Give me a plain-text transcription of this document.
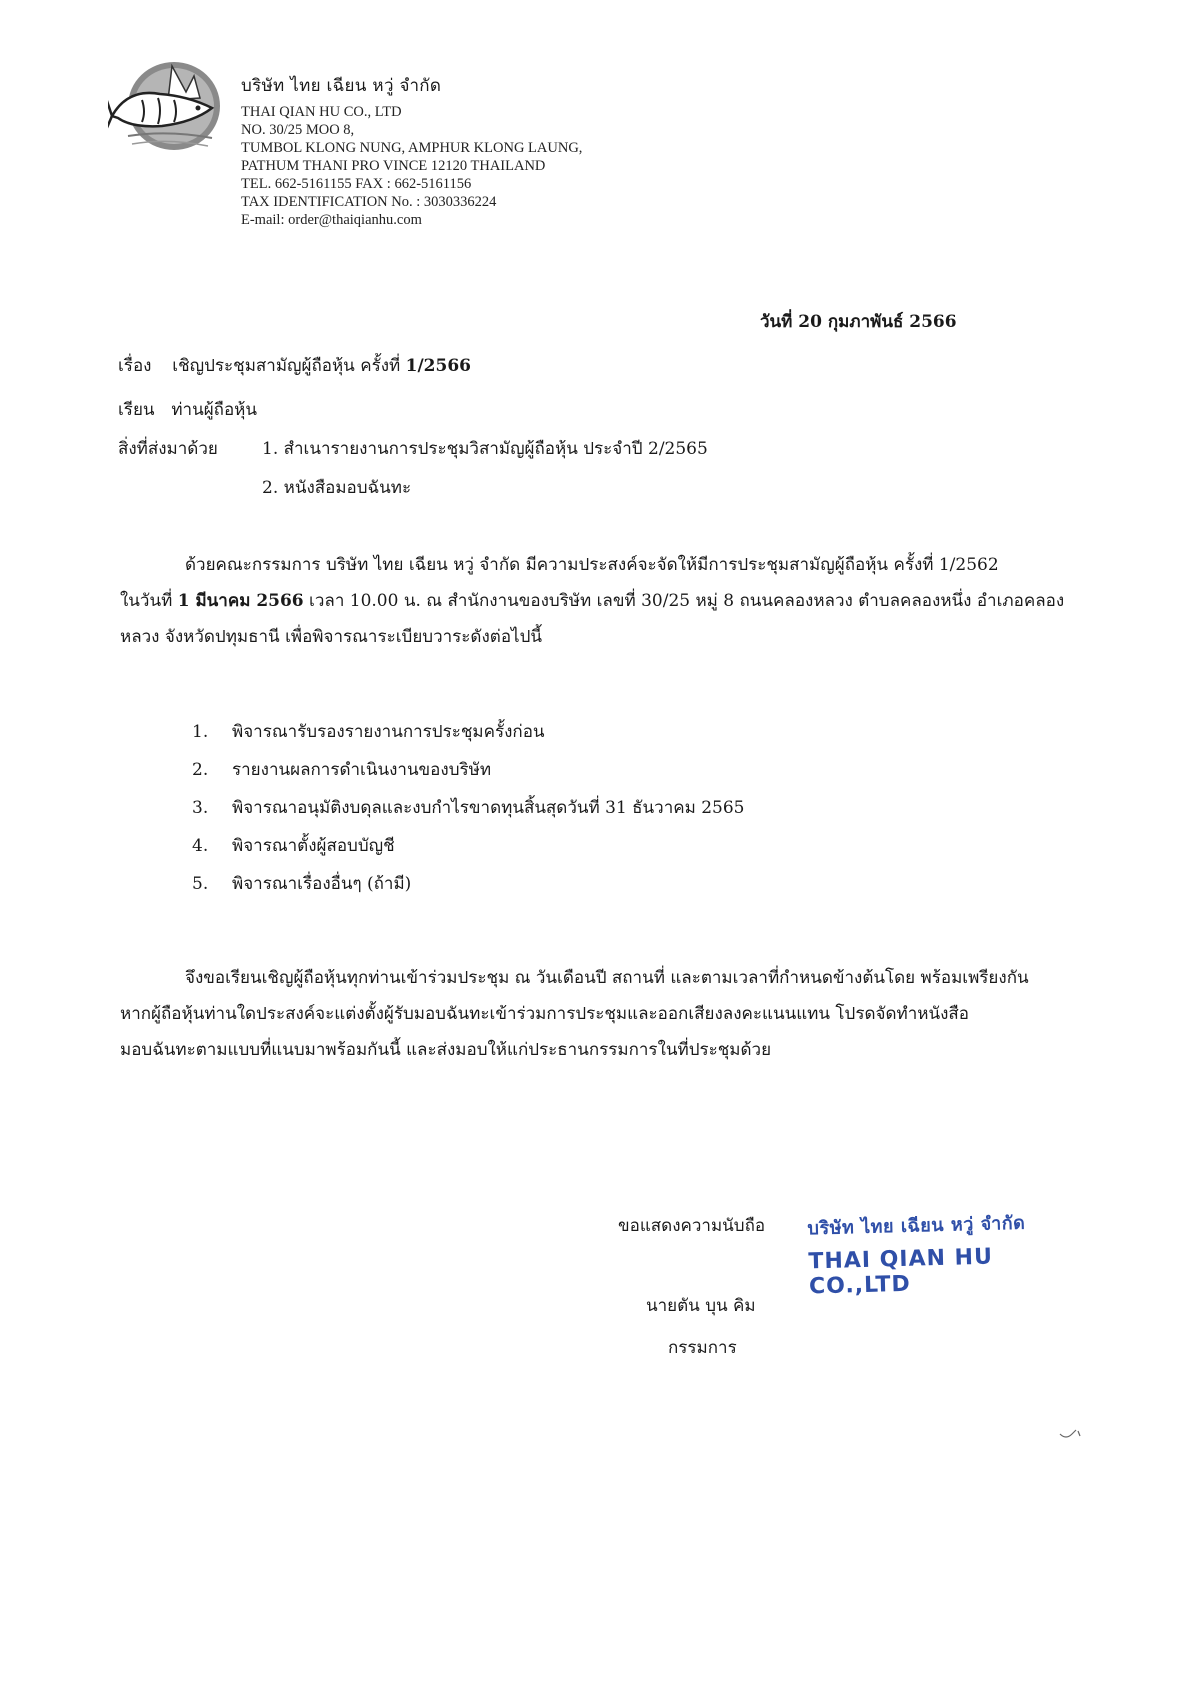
บริษัท ไทย เฉียน หวู่ จำกัด
THAI QIAN HU CO., LTD
NO. 30/25 MOO 8,
TUMBOL KLONG NUNG, AMPHUR KLONG LAUNG,
PATHUM THANI PRO VINCE 12120 THAILAND
TEL. 662-5161155 FAX : 662-5161156
TAX IDENTIFICATION No. : 3030336224
E-mail: order@thaiqianhu.com
วันที่ 20 กุมภาพันธ์ 2566
เรื่อง เชิญประชุมสามัญผู้ถือหุ้น ครั้งที่ 1/2566
เรียน ท่านผู้ถือหุ้น
สิ่งที่ส่งมาด้วย	1. สำเนารายงานการประชุมวิสามัญผู้ถือหุ้น ประจำปี 2/2565
2. หนังสือมอบฉันทะ
ด้วยคณะกรรมการ บริษัท ไทย เฉียน หวู่ จำกัด มีความประสงค์จะจัดให้มีการประชุมสามัญผู้ถือหุ้น ครั้งที่ 1/2562
ในวันที่ 1 มีนาคม 2566 เวลา 10.00 น. ณ สำนักงานของบริษัท เลขที่ 30/25 หมู่ 8 ถนนคลองหลวง ตำบลคลองหนึ่ง อำเภอคลอง
หลวง จังหวัดปทุมธานี เพื่อพิจารณาระเบียบวาระดังต่อไปนี้
1. พิจารณารับรองรายงานการประชุมครั้งก่อน
2. รายงานผลการดำเนินงานของบริษัท
3. พิจารณาอนุมัติงบดุลและงบกำไรขาดทุนสิ้นสุดวันที่ 31 ธันวาคม 2565
4. พิจารณาตั้งผู้สอบบัญชี
5. พิจารณาเรื่องอื่นๆ (ถ้ามี)
จึงขอเรียนเชิญผู้ถือหุ้นทุกท่านเข้าร่วมประชุม ณ วันเดือนปี สถานที่ และตามเวลาที่กำหนดข้างต้นโดย พร้อมเพรียงกัน
หากผู้ถือหุ้นท่านใดประสงค์จะแต่งตั้งผู้รับมอบฉันทะเข้าร่วมการประชุมและออกเสียงลงคะแนนแทน โปรดจัดทำหนังสือ
มอบฉันทะตามแบบที่แนบมาพร้อมกันนี้ และส่งมอบให้แก่ประธานกรรมการในที่ประชุมด้วย
ขอแสดงความนับถือ
นายตัน บุน คิม
กรรมการ
บริษัท ไทย เฉียน หวู่ จำกัด
THAI QIAN HU CO.,LTD
